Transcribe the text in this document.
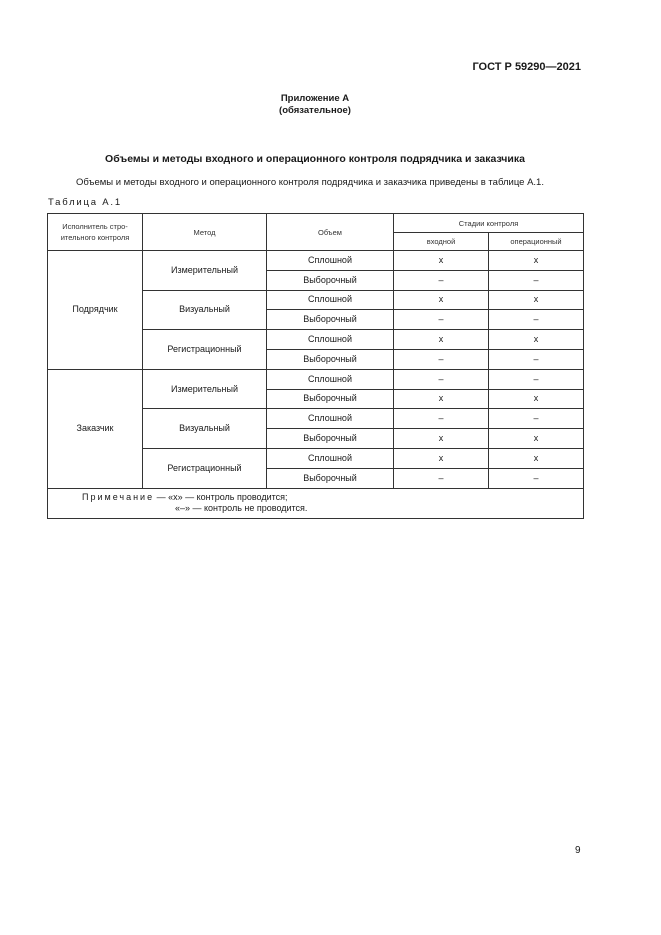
ГОСТ Р 59290—2021
Приложение А
(обязательное)
Объемы и методы входного и операционного контроля подрядчика и заказчика
Объемы и методы входного и операционного контроля подрядчика и заказчика приведены в таблице А.1.
Таблица А.1
Исполнитель стро-
ительного контроля	Метод	Объем	Стадии контроля	
			входной	операционный
Подрядчик	Измерительный	Сплошной	х	х
		Выборочный	–	–
	Визуальный	Сплошной	х	х
		Выборочный	–	–
	Регистрационный	Сплошной	х	х
		Выборочный	–	–
Заказчик	Измерительный	Сплошной	–	–
		Выборочный	х	х
	Визуальный	Сплошной	–	–
		Выборочный	х	х
	Регистрационный	Сплошной	х	х
		Выборочный	–	–
Примечание — «х» — контроль проводится;
«–» — контроль не проводится.				
9
